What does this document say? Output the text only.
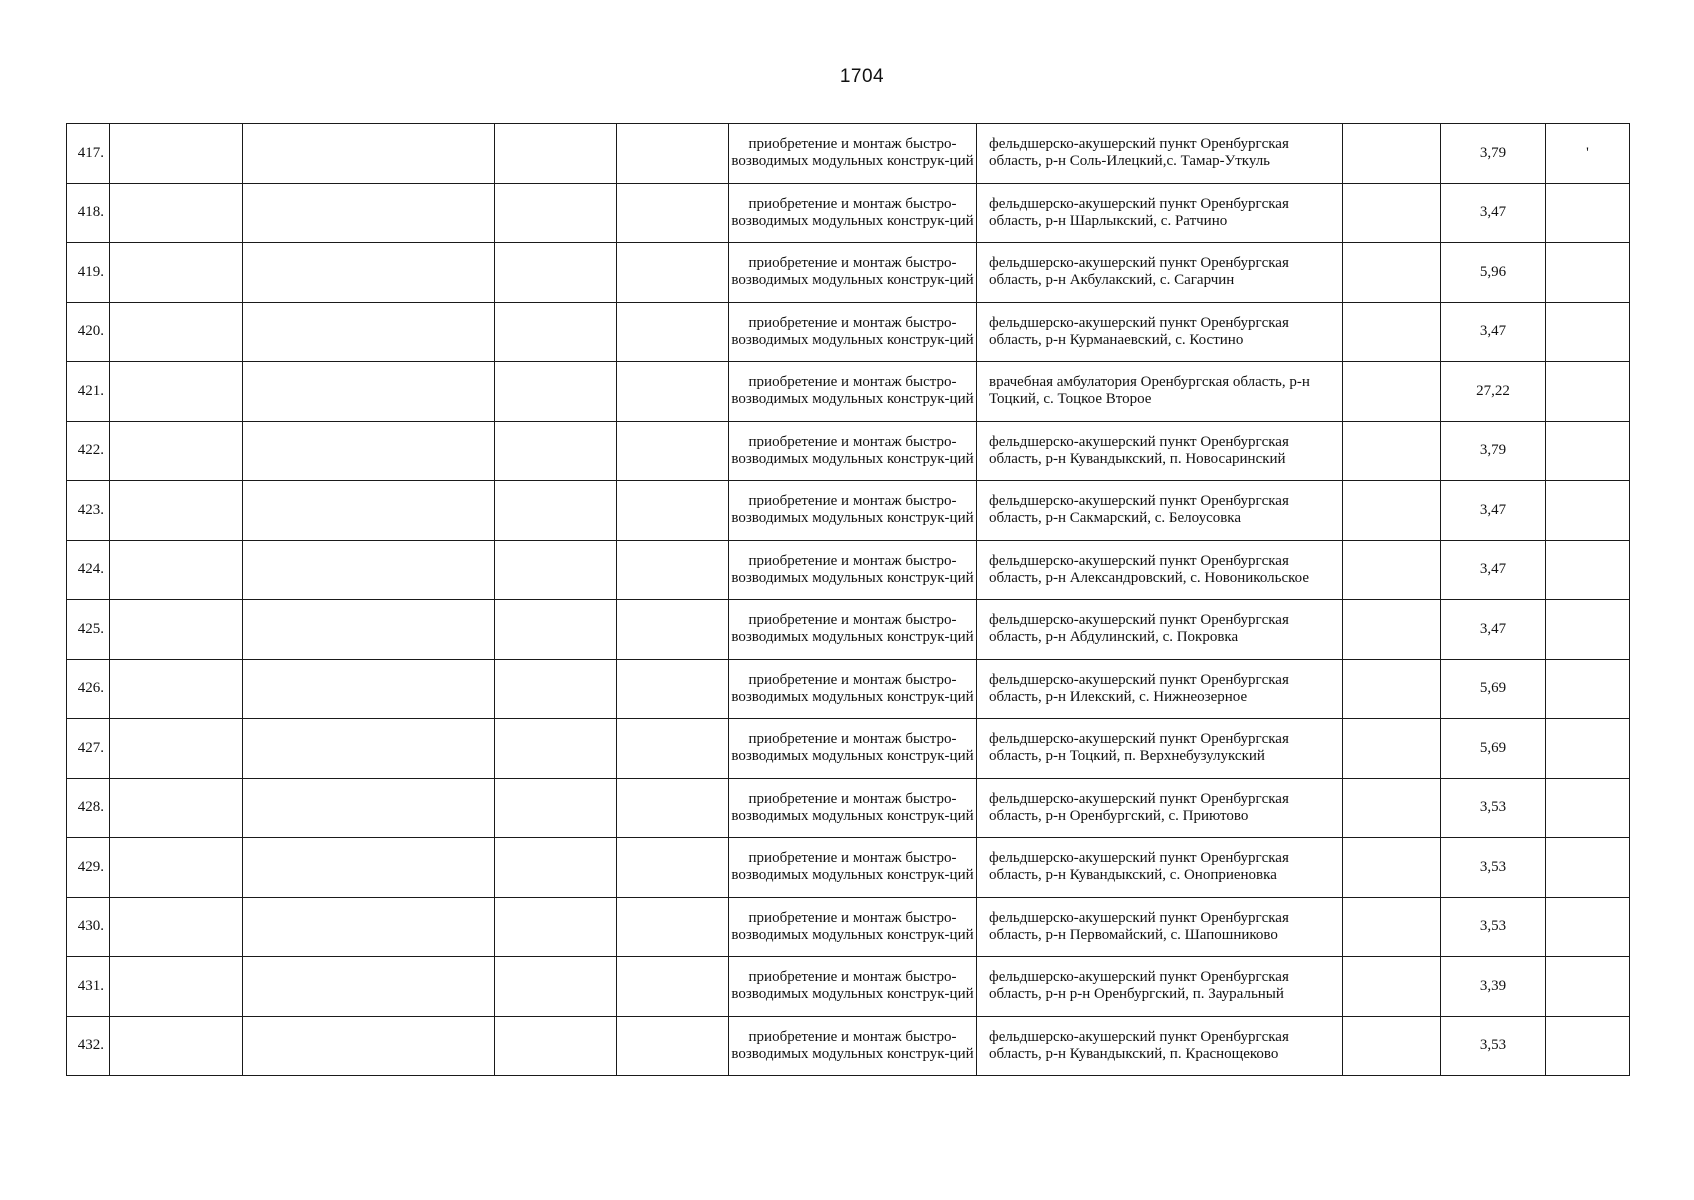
1704
417.					приобретение и монтаж быстро-возводимых модульных конструк-ций	фельдшерско-акушерский пункт Оренбургская область, р-н Соль-Илецкий,с. Тамар-Уткуль		3,79	'
418.					приобретение и монтаж быстро-возводимых модульных конструк-ций	фельдшерско-акушерский пункт Оренбургская область, р-н Шарлыкский, с. Ратчино		3,47	
419.					приобретение и монтаж быстро-возводимых модульных конструк-ций	фельдшерско-акушерский пункт Оренбургская область, р-н Акбулакский, с. Сагарчин		5,96	
420.					приобретение и монтаж быстро-возводимых модульных конструк-ций	фельдшерско-акушерский пункт Оренбургская область, р-н Курманаевский, с. Костино		3,47	
421.					приобретение и монтаж быстро-возводимых модульных конструк-ций	врачебная амбулатория Оренбургская область, р-н Тоцкий, с. Тоцкое Второе		27,22	
422.					приобретение и монтаж быстро-возводимых модульных конструк-ций	фельдшерско-акушерский пункт Оренбургская область, р-н Кувандыкский, п. Новосаринский		3,79	
423.					приобретение и монтаж быстро-возводимых модульных конструк-ций	фельдшерско-акушерский пункт Оренбургская область, р-н Сакмарский, с. Белоусовка		3,47	
424.					приобретение и монтаж быстро-возводимых модульных конструк-ций	фельдшерско-акушерский пункт Оренбургская область, р-н Александровский, с. Новоникольское		3,47	
425.					приобретение и монтаж быстро-возводимых модульных конструк-ций	фельдшерско-акушерский пункт Оренбургская область, р-н Абдулинский, с. Покровка		3,47	
426.					приобретение и монтаж быстро-возводимых модульных конструк-ций	фельдшерско-акушерский пункт Оренбургская область, р-н Илекский, с. Нижнеозерное		5,69	
427.					приобретение и монтаж быстро-возводимых модульных конструк-ций	фельдшерско-акушерский пункт Оренбургская область, р-н Тоцкий, п. Верхнебузулукский		5,69	
428.					приобретение и монтаж быстро-возводимых модульных конструк-ций	фельдшерско-акушерский пункт Оренбургская область, р-н Оренбургский, с. Приютово		3,53	
429.					приобретение и монтаж быстро-возводимых модульных конструк-ций	фельдшерско-акушерский пункт Оренбургская область, р-н Кувандыкский, с. Оноприеновка		3,53	
430.					приобретение и монтаж быстро-возводимых модульных конструк-ций	фельдшерско-акушерский пункт Оренбургская область, р-н Первомайский, с. Шапошниково		3,53	
431.					приобретение и монтаж быстро-возводимых модульных конструк-ций	фельдшерско-акушерский пункт Оренбургская область, р-н р-н Оренбургский, п. Зауральный		3,39	
432.					приобретение и монтаж быстро-возводимых модульных конструк-ций	фельдшерско-акушерский пункт Оренбургская область, р-н Кувандыкский, п. Краснощеково		3,53	
